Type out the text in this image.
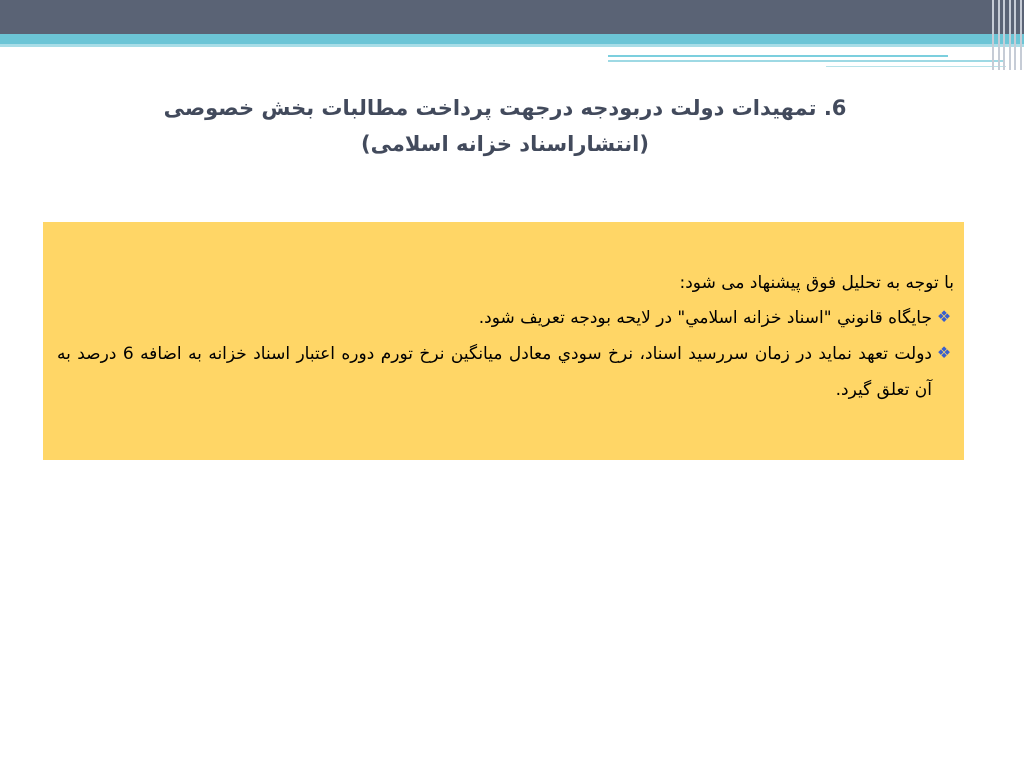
6. تمهیدات دولت دربودجه درجهت پرداخت مطالبات بخش خصوصی
(انتشاراسناد خزانه اسلامی)

با توجه به تحليل فوق پيشنهاد می شود:

❖
جايگاه قانوني "اسناد خزانه اسلامي" در لايحه بودجه تعريف شود.
❖
دولت تعهد نمايد در زمان سررسيد اسناد، نرخ سودي معادل ميانگين نرخ تورم دوره اعتبار اسناد خزانه به اضافه 6 درصد به آن تعلق گيرد.
